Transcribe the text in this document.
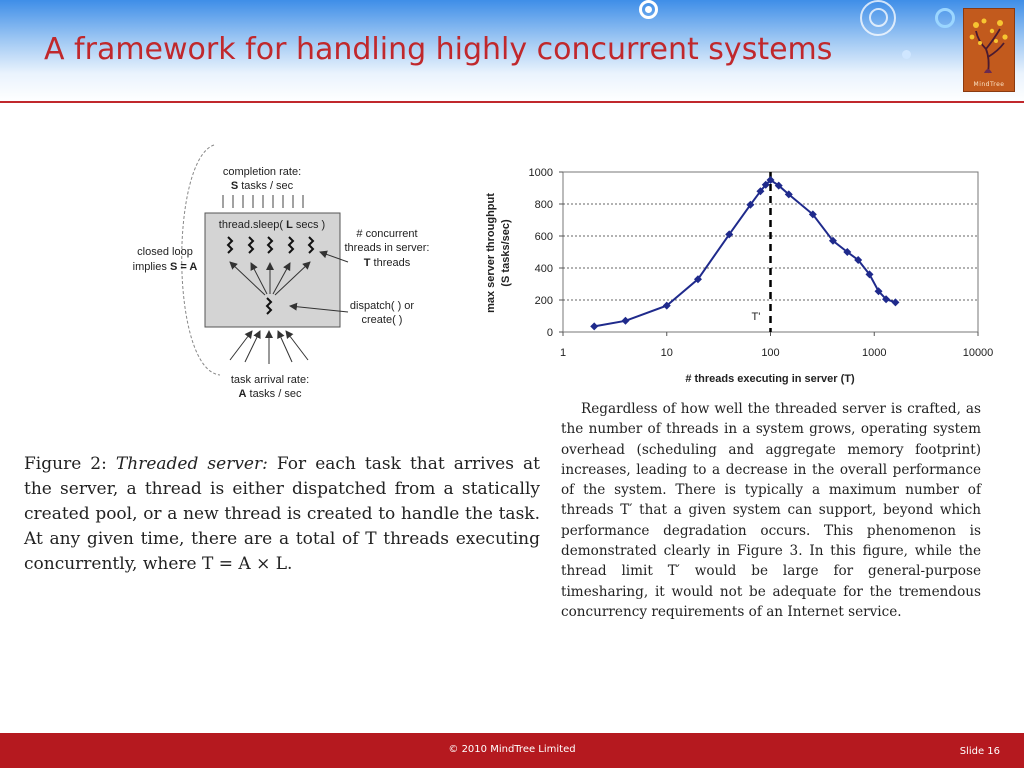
A framework for handling highly concurrent systems
MindTree
completion rate:
S tasks / sec
thread.sleep( L secs )
closed loop
implies S = A
# concurrent
threads in server:
T threads
dispatch( ) or
create( )
task arrival rate:
A tasks / sec
max server throughput (S tasks/sec)
# threads executing in server (T)
0
200
400
600
800
1000
1	10	100	1000	10000
T'
Figure 2: Threaded server: For each task that arrives at the server, a thread is either dispatched from a statically created pool, or a new thread is created to handle the task. At any given time, there are a total of T threads executing concurrently, where T = A × L.
Regardless of how well the threaded server is crafted, as the number of threads in a system grows, operating system overhead (scheduling and aggregate memory footprint) increases, leading to a decrease in the overall performance of the system. There is typically a maximum number of threads T′ that a given system can support, beyond which performance degradation occurs. This phenomenon is demonstrated clearly in Figure 3. In this figure, while the thread limit T′ would be large for general-purpose timesharing, it would not be adequate for the tremendous concurrency requirements of an Internet service.
© 2010 MindTree Limited	Slide 16
